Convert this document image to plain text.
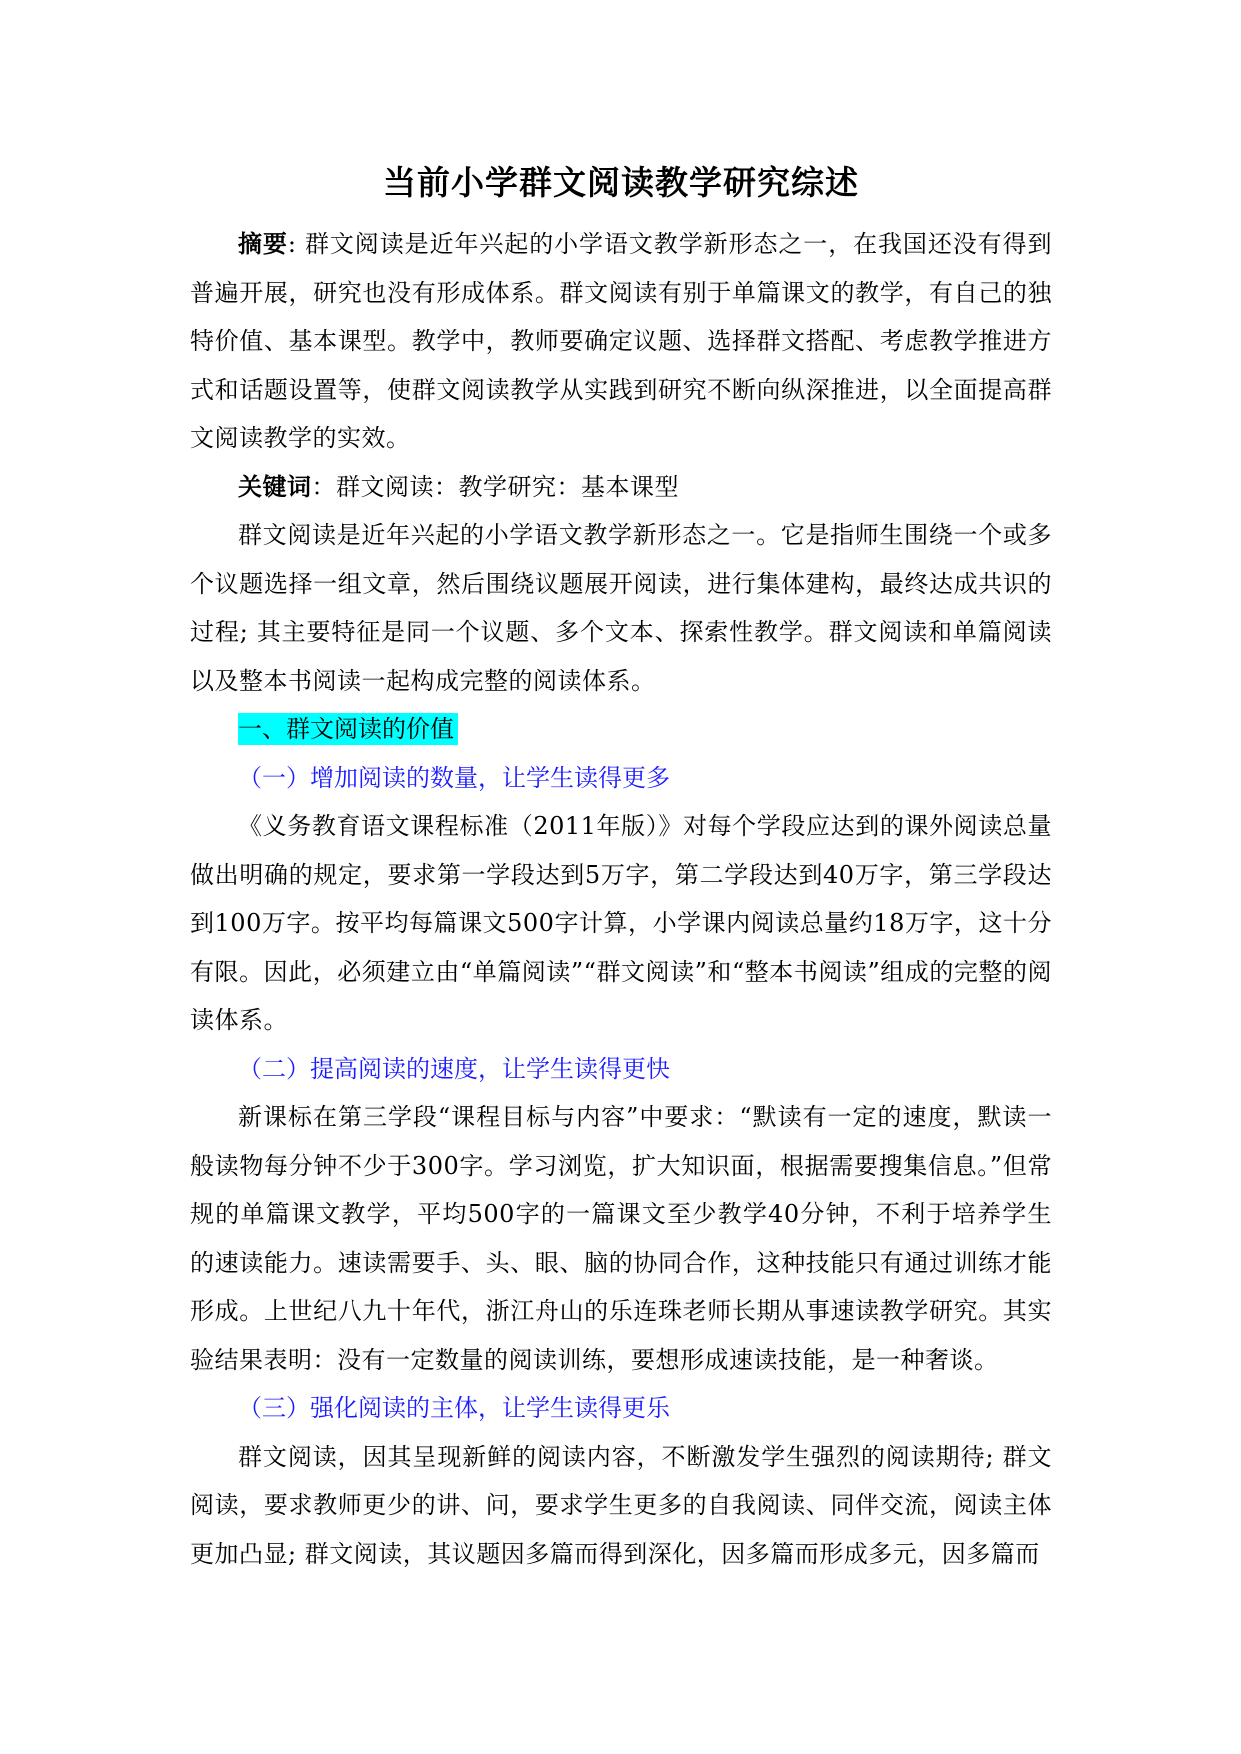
当前小学群文阅读教学研究综述

摘要: 群文阅读是近年兴起的小学语文教学新形态之一，在我国还没有得到普遍开展，研究也没有形成体系。群文阅读有别于单篇课文的教学，有自己的独特价值、基本课型。教学中，教师要确定议题、选择群文搭配、考虑教学推进方式和话题设置等，使群文阅读教学从实践到研究不断向纵深推进，以全面提高群文阅读教学的实效。

关键词：群文阅读：教学研究：基本课型

群文阅读是近年兴起的小学语文教学新形态之一。它是指师生围绕一个或多个议题选择一组文章，然后围绕议题展开阅读，进行集体建构，最终达成共识的过程; 其主要特征是同一个议题、多个文本、探索性教学。群文阅读和单篇阅读以及整本书阅读一起构成完整的阅读体系。

一、群文阅读的价值
（一）增加阅读的数量，让学生读得更多

《义务教育语文课程标准（2011年版）》对每个学段应达到的课外阅读总量做出明确的规定，要求第一学段达到5万字，第二学段达到40万字，第三学段达到100万字。按平均每篇课文500字计算，小学课内阅读总量约18万字，这十分有限。因此，必须建立由“单篇阅读”“群文阅读”和“整本书阅读”组成的完整的阅读体系。

（二）提高阅读的速度，让学生读得更快

新课标在第三学段“课程目标与内容”中要求：“默读有一定的速度，默读一般读物每分钟不少于300字。学习浏览，扩大知识面，根据需要搜集信息。”但常规的单篇课文教学，平均500字的一篇课文至少教学40分钟，不利于培养学生的速读能力。速读需要手、头、眼、脑的协同合作，这种技能只有通过训练才能形成。上世纪八九十年代，浙江舟山的乐连珠老师长期从事速读教学研究。其实验结果表明：没有一定数量的阅读训练，要想形成速读技能，是一种奢谈。

（三）强化阅读的主体，让学生读得更乐

群文阅读，因其呈现新鲜的阅读内容，不断激发学生强烈的阅读期待; 群文阅读，要求教师更少的讲、问，要求学生更多的自我阅读、同伴交流，阅读主体更加凸显; 群文阅读，其议题因多篇而得到深化，因多篇而形成多元，因多篇而
